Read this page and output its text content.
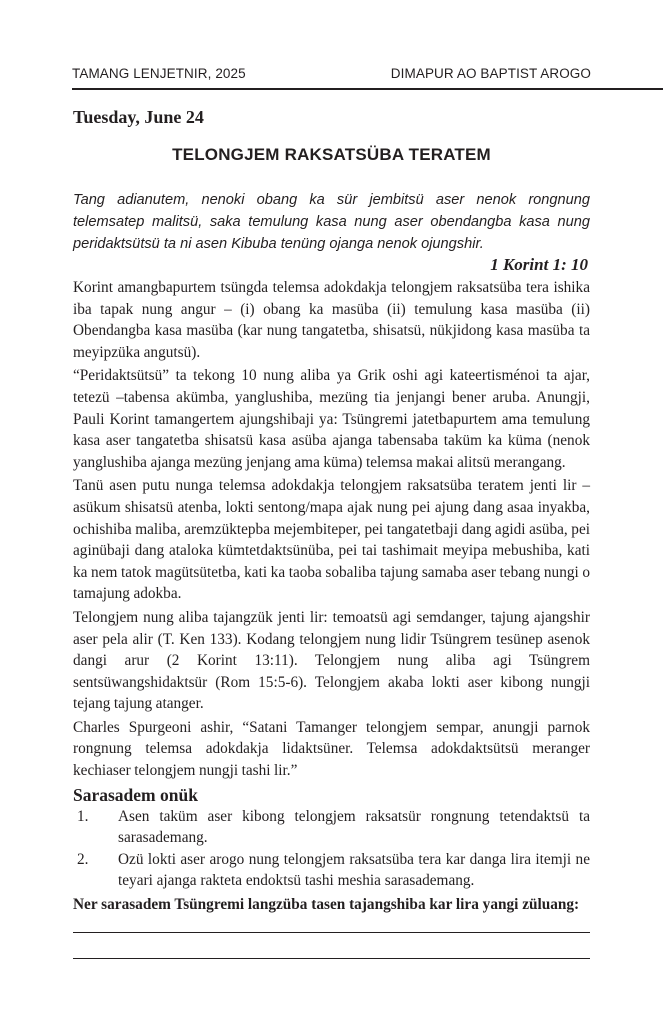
TAMANG LENJETNIR, 2025	DIMAPUR AO BAPTIST AROGO

Tuesday, June 24

TELONGJEM RAKSATSÜBA TERATEM

Tang adianutem, nenoki obang ka sür jembitsü aser nenok rongnung telemsatep malitsü, saka temulung kasa nung aser obendangba kasa nung peridaktsütsü ta ni asen Kibuba tenüng ojanga nenok ojungshir.

1 Korint 1: 10

Korint amangbapurtem tsüngda telemsa adokdakja telongjem raksatsüba tera ishika iba tapak nung angur – (i) obang ka masüba (ii) temulung kasa masüba (ii) Obendangba kasa masüba (kar nung tangatetba, shisatsü, nükjidong kasa masüba ta meyipzüka angutsü).

“Peridaktsütsü” ta tekong 10 nung aliba ya Grik oshi agi kateertisménoi ta ajar, tetezü –tabensa akümba, yanglushiba, mezüng tia jenjangi bener aruba. Anungji, Pauli Korint tamangertem ajungshibaji ya: Tsüngremi jatetbapurtem ama temulung kasa aser tangatetba shisatsü kasa asüba ajanga tabensaba taküm ka küma (nenok yanglushiba ajanga mezüng jenjang ama küma) telemsa makai alitsü merangang.

Tanü asen putu nunga telemsa adokdakja telongjem raksatsüba teratem jenti lir – asükum shisatsü atenba, lokti sentong/mapa ajak nung pei ajung dang asaa inyakba, ochishiba maliba, aremzüktepba mejembiteper, pei tangatetbaji dang agidi asüba, pei aginübaji dang ataloka kümtetdaktsünüba, pei tai tashimait meyipa mebushiba, kati ka nem tatok magütsütetba, kati ka taoba sobaliba tajung samaba aser tebang nungi o tamajung adokba.

Telongjem nung aliba tajangzük jenti lir: temoatsü agi semdanger, tajung ajangshir aser pela alir (T. Ken 133). Kodang telongjem nung lidir Tsüngrem tesünep asenok dangi arur (2 Korint 13:11). Telongjem nung aliba agi Tsüngrem sentsüwangshidaktsür (Rom 15:5-6). Telongjem akaba lokti aser kibong nungji tejang tajung atanger.

Charles Spurgeoni ashir, “Satani Tamanger telongjem sempar, anungji parnok rongnung telemsa adokdakja lidaktsüner. Telemsa adokdaktsütsü meranger kechiaser telongjem nungji tashi lir.”

Sarasadem onük

1. Asen taküm aser kibong telongjem raksatsür rongnung tetendaktsü ta sarasademang.
2. Ozü lokti aser arogo nung telongjem raksatsüba tera kar danga lira itemji ne teyari ajanga rakteta endoktsü tashi meshia sarasademang.

Ner sarasadem Tsüngremi langzüba tasen tajangshiba kar lira yangi züluang:
